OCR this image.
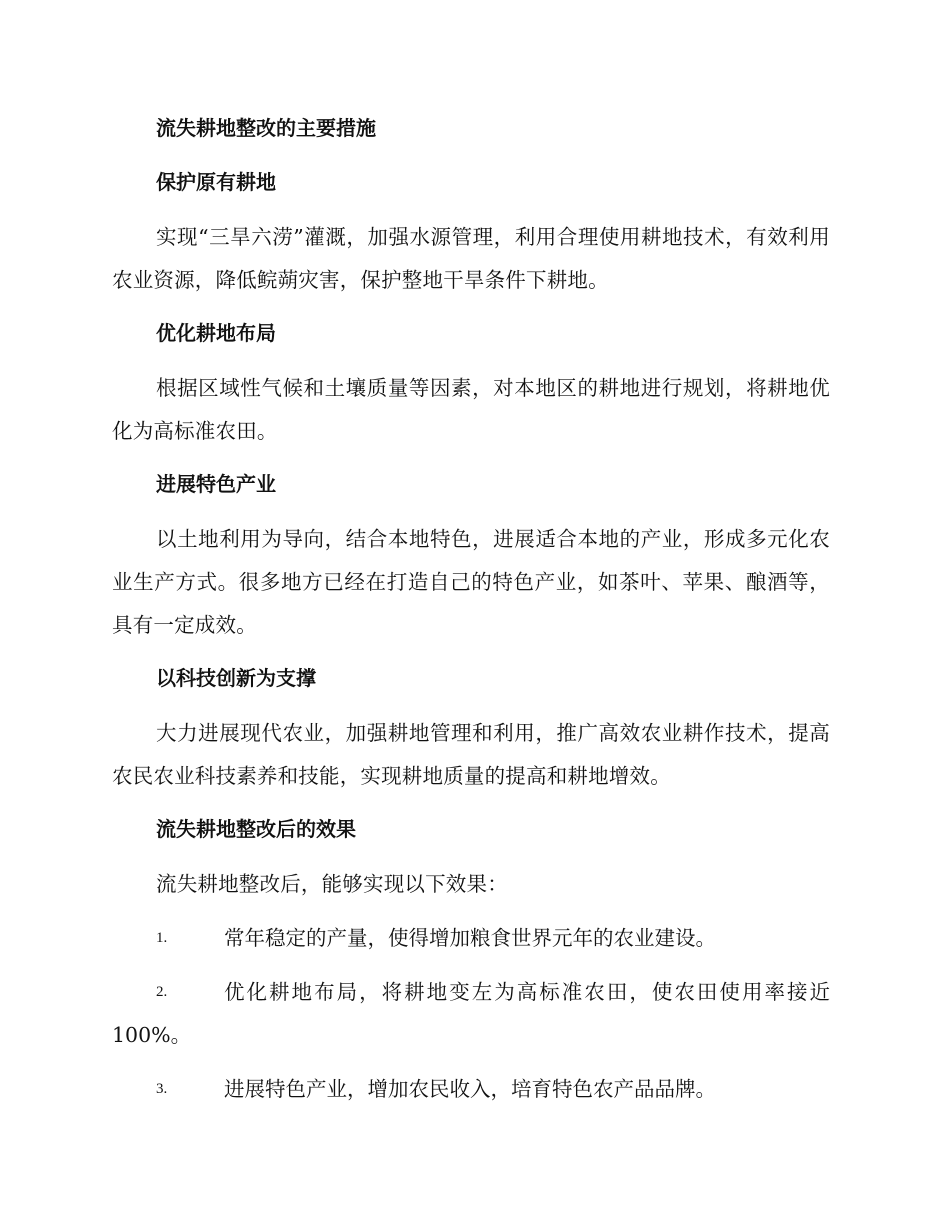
流失耕地整改的主要措施
保护原有耕地
实现“三旱六涝”灌溉，加强水源管理，利用合理使用耕地技术，有效利用农业资源，降低鲩蒴灾害，保护整地干旱条件下耕地。
优化耕地布局
根据区域性气候和土壤质量等因素，对本地区的耕地进行规划，将耕地优化为高标准农田。
进展特色产业
以土地利用为导向，结合本地特色，进展适合本地的产业，形成多元化农业生产方式。很多地方已经在打造自己的特色产业，如茶叶、苹果、酿酒等，具有一定成效。
以科技创新为支撑
大力进展现代农业，加强耕地管理和利用，推广高效农业耕作技术，提高农民农业科技素养和技能，实现耕地质量的提高和耕地增效。
流失耕地整改后的效果
流失耕地整改后，能够实现以下效果：
1.	常年稳定的产量，使得增加粮食世界元年的农业建设。
2.	优化耕地布局，将耕地变左为高标准农田，使农田使用率接近100%。
3.	进展特色产业，增加农民收入，培育特色农产品品牌。
